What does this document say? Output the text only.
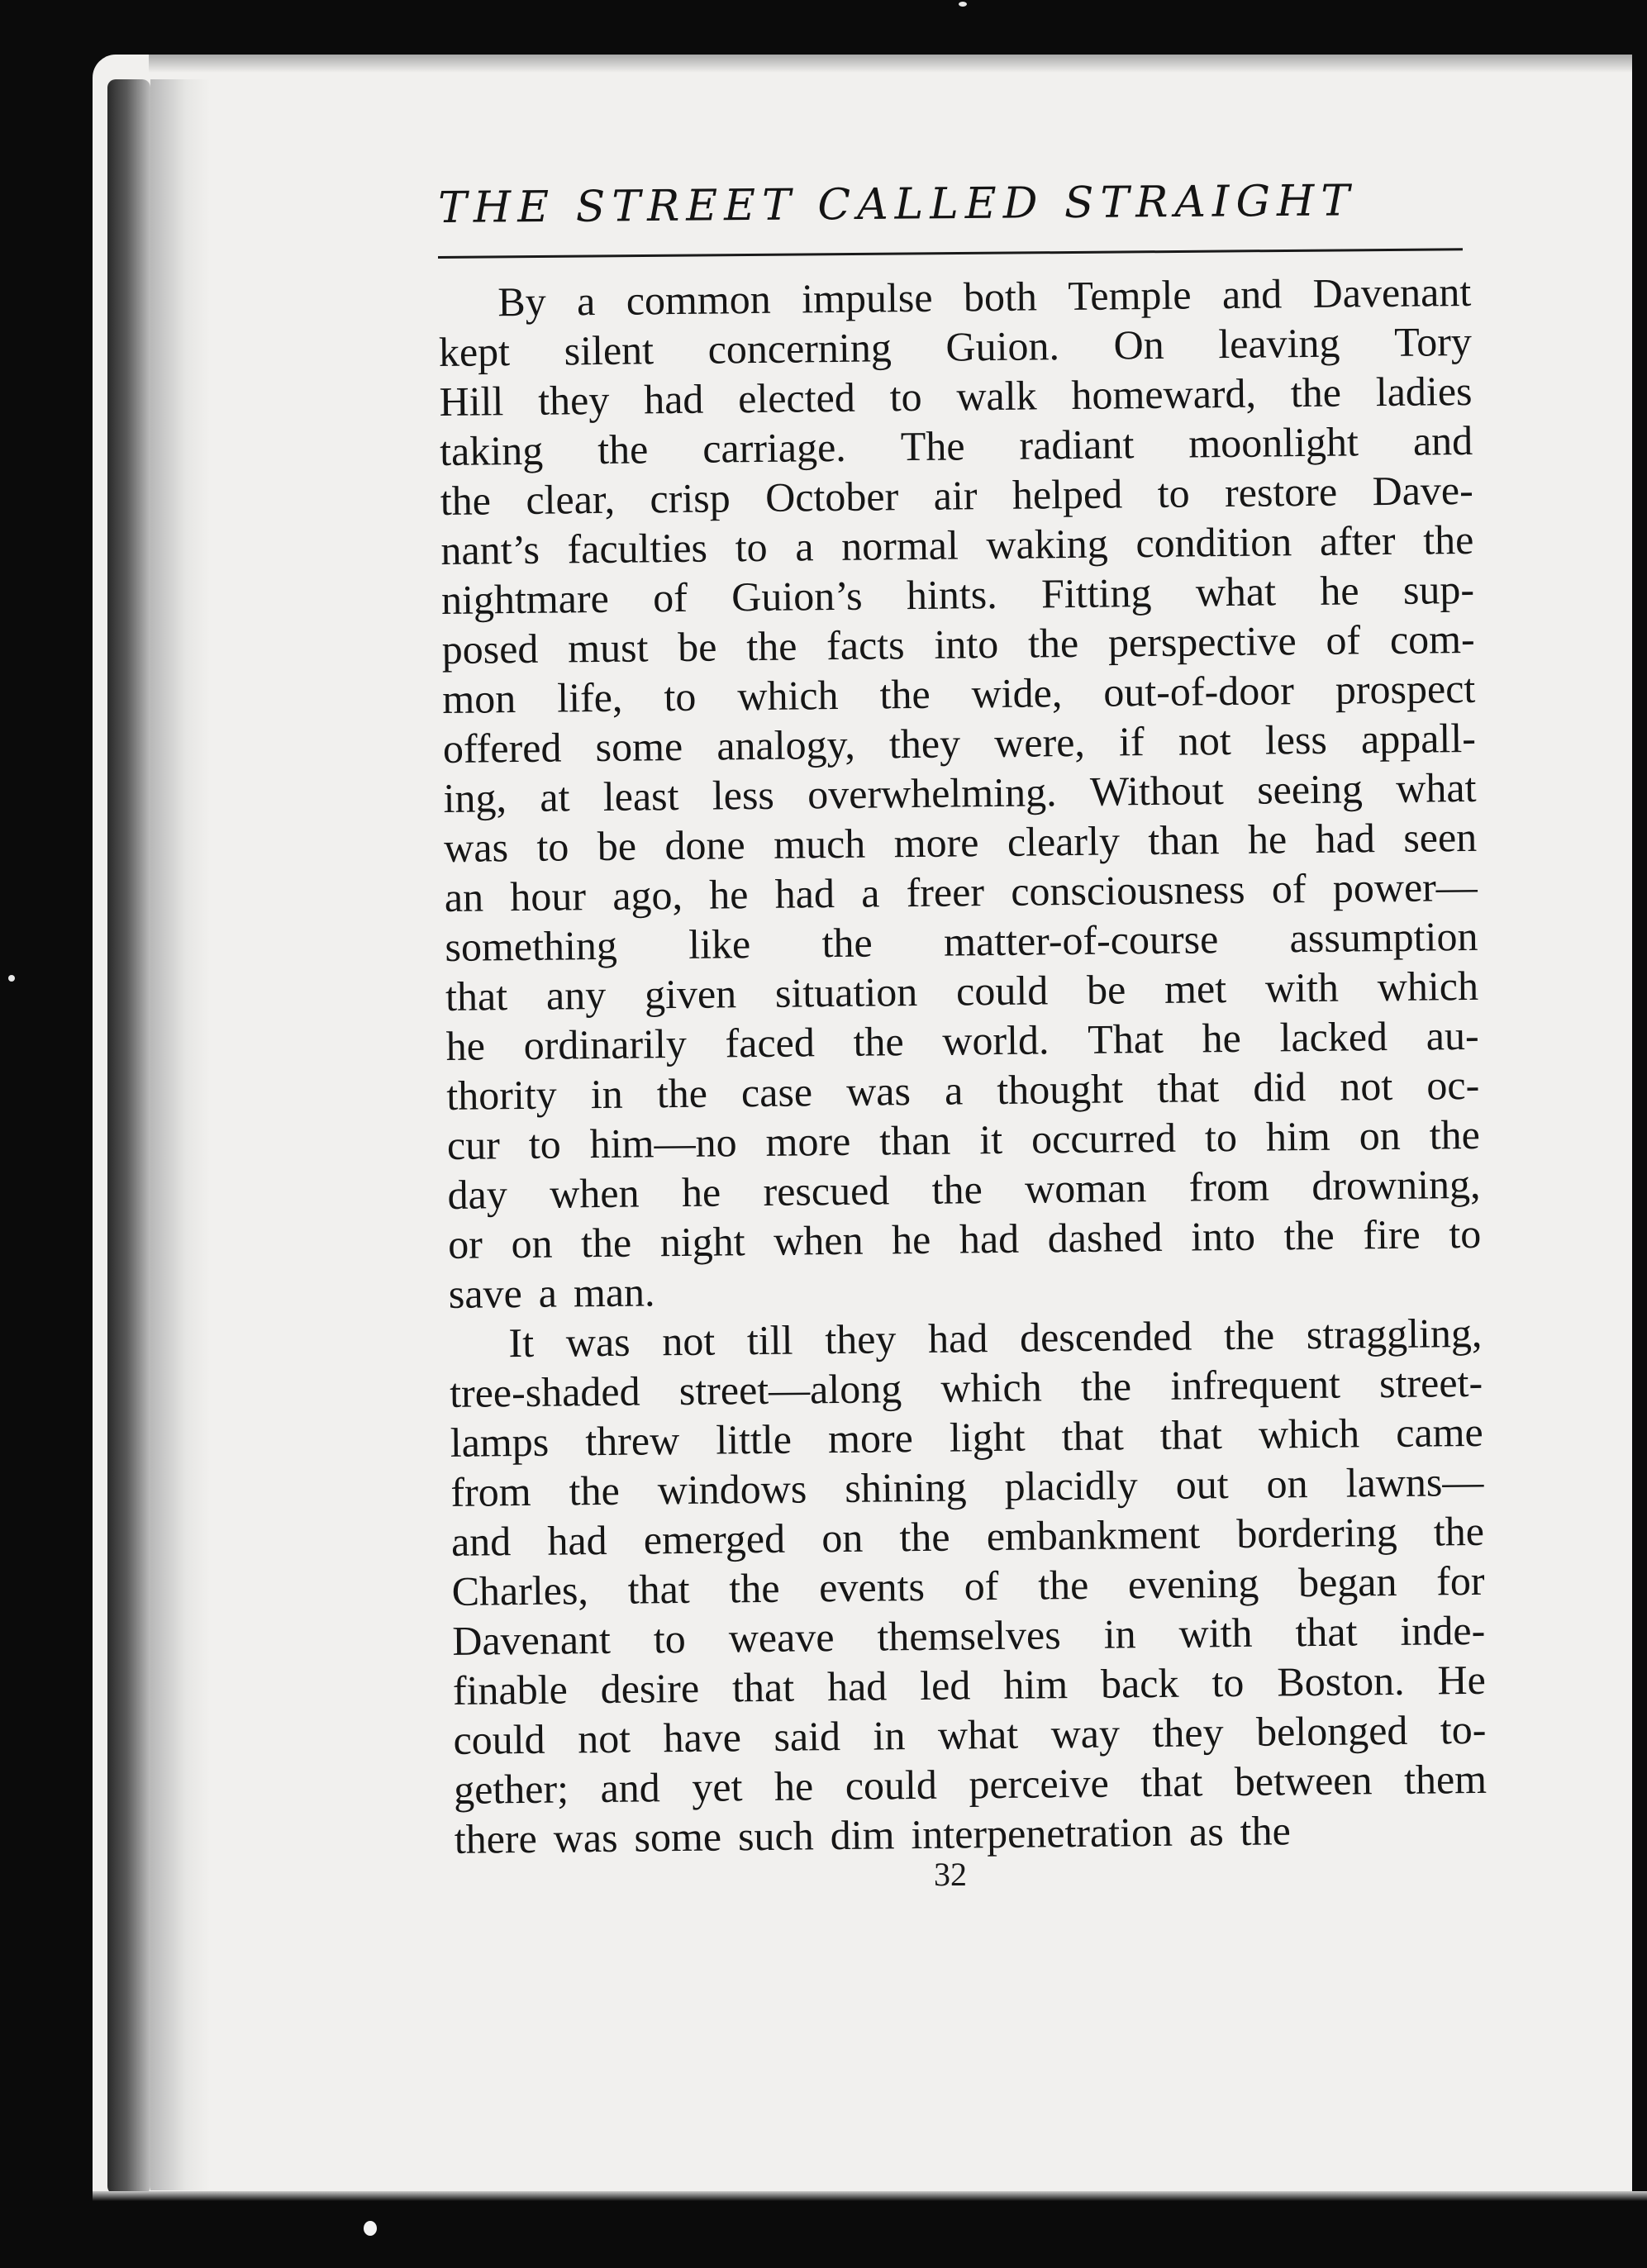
THE STREET CALLED STRAIGHT
By a common impulse both Temple and Davenant
kept silent concerning Guion. On leaving Tory
Hill they had elected to walk homeward, the ladies
taking the carriage. The radiant moonlight and
the clear, crisp October air helped to restore Dave-
nant’s faculties to a normal waking condition after the
nightmare of Guion’s hints. Fitting what he sup-
posed must be the facts into the perspective of com-
mon life, to which the wide, out-of-door prospect
offered some analogy, they were, if not less appall-
ing, at least less overwhelming. Without seeing what
was to be done much more clearly than he had seen
an hour ago, he had a freer consciousness of power—
something like the matter-of-course assumption
that any given situation could be met with which
he ordinarily faced the world. That he lacked au-
thority in the case was a thought that did not oc-
cur to him—no more than it occurred to him on the
day when he rescued the woman from drowning,
or on the night when he had dashed into the fire to
save a man.
It was not till they had descended the straggling,
tree-shaded street—along which the infrequent street-
lamps threw little more light that that which came
from the windows shining placidly out on lawns—
and had emerged on the embankment bordering the
Charles, that the events of the evening began for
Davenant to weave themselves in with that inde-
finable desire that had led him back to Boston. He
could not have said in what way they belonged to-
gether; and yet he could perceive that between them
there was some such dim interpenetration as the
32
